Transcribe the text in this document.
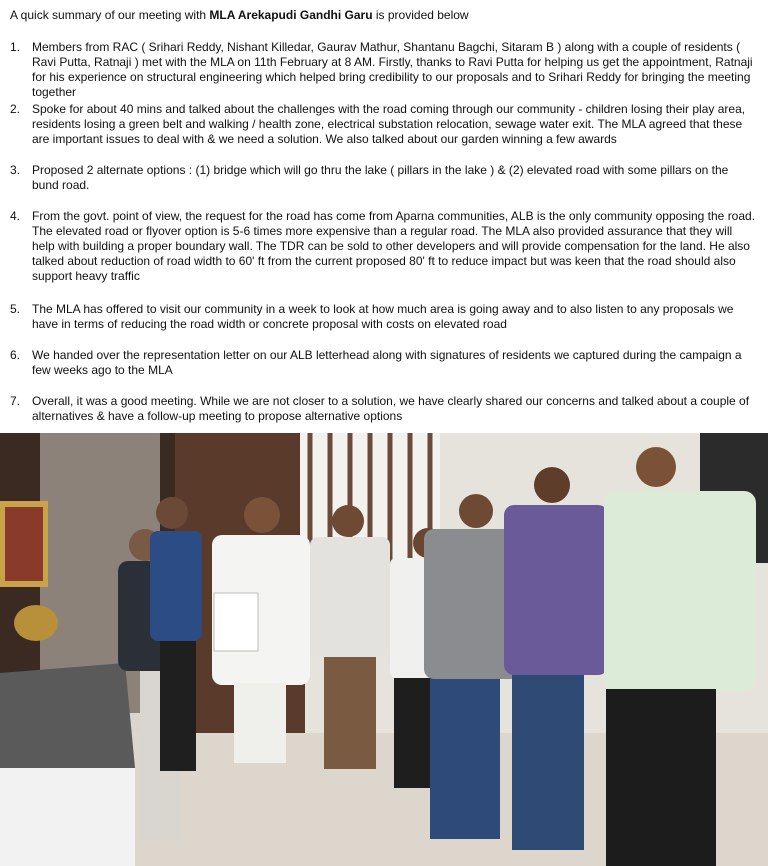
A quick summary of our meeting with MLA Arekapudi Gandhi Garu is provided below
1. Members from RAC ( Srihari Reddy, Nishant Killedar, Gaurav Mathur, Shantanu Bagchi, Sitaram B ) along with a couple of residents ( Ravi Putta, Ratnaji ) met with the MLA on 11th February at 8 AM. Firstly, thanks to Ravi Putta for helping us get the appointment, Ratnaji for his experience on structural engineering which helped bring credibility to our proposals and to Srihari Reddy for bringing the meeting together
2. Spoke for about 40 mins and talked about the challenges with the road coming through our community - children losing their play area, residents losing a green belt and walking / health zone, electrical substation relocation, sewage water exit. The MLA agreed that these are important issues to deal with & we need a solution. We also talked about our garden winning a few awards
3. Proposed 2 alternate options : (1) bridge which will go thru the lake ( pillars in the lake ) & (2) elevated road with some pillars on the bund road.
4. From the govt. point of view, the request for the road has come from Aparna communities, ALB is the only community opposing the road. The elevated road or flyover option is 5-6 times more expensive than a regular road. The MLA also provided assurance that they will help with building a proper boundary wall. The TDR can be sold to other developers and will provide compensation for the land. He also talked about reduction of road width to 60' ft from the current proposed 80' ft to reduce impact but was keen that the road should also support heavy traffic
5. The MLA has offered to visit our community in a week to look at how much area is going away and to also listen to any proposals we have in terms of reducing the road width or concrete proposal with costs on elevated road
6. We handed over the representation letter on our ALB letterhead along with signatures of residents we captured during the campaign a few weeks ago to the MLA
7. Overall, it was a good meeting. While we are not closer to a solution, we have clearly shared our concerns and talked about a couple of alternatives & have a follow-up meeting to propose alternative options
